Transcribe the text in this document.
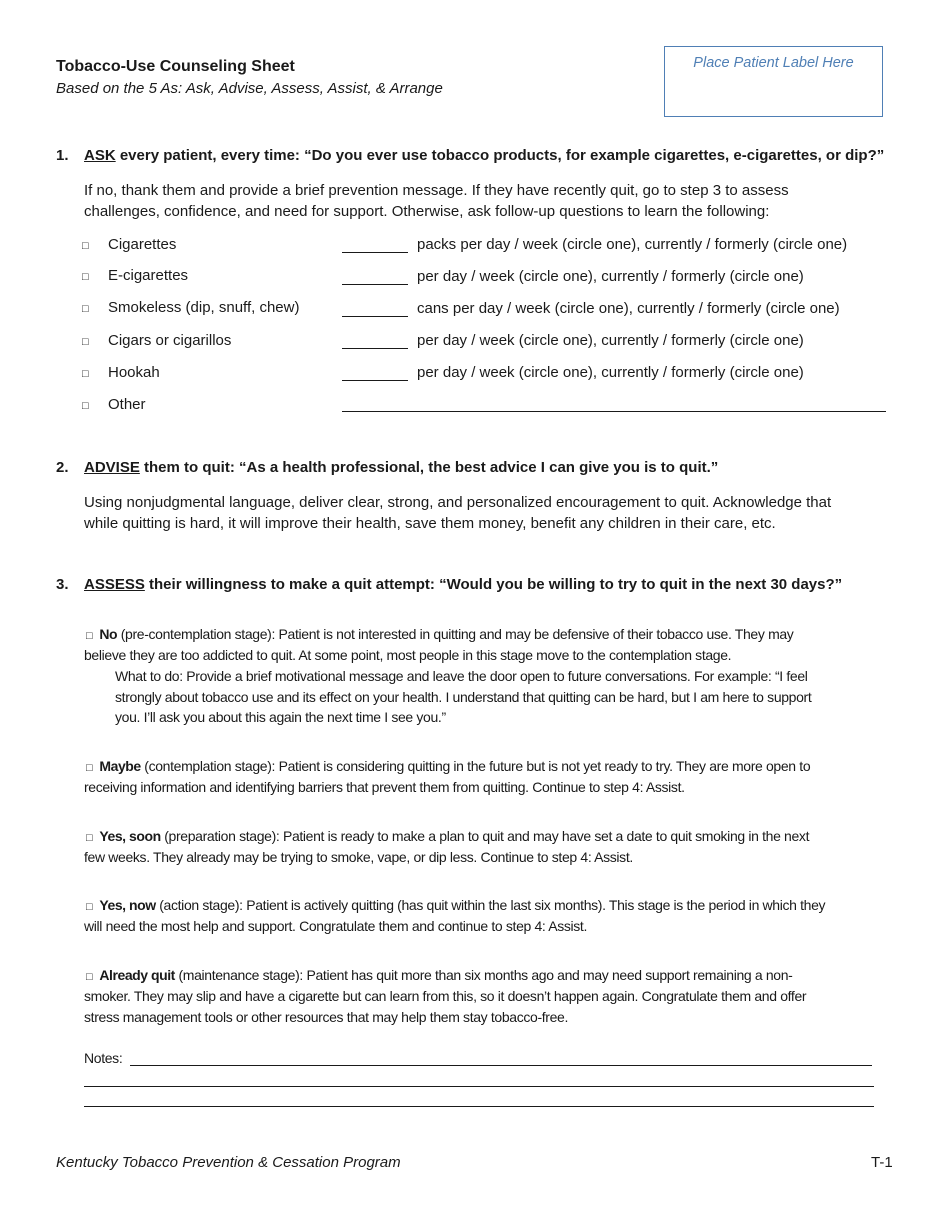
Tobacco-Use Counseling Sheet
Based on the 5 As: Ask, Advise, Assess, Assist, & Arrange
Place Patient Label Here
1. ASK every patient, every time: “Do you ever use tobacco products, for example cigarettes, e-cigarettes, or dip?”
If no, thank them and provide a brief prevention message. If they have recently quit, go to step 3 to assess
challenges, confidence, and need for support. Otherwise, ask follow-up questions to learn the following:
□ Cigarettes	packs per day / week (circle one), currently / formerly (circle one)
□ E-cigarettes	per day / week (circle one), currently / formerly (circle one)
□ Smokeless (dip, snuff, chew)	cans per day / week (circle one), currently / formerly (circle one)
□ Cigars or cigarillos	per day / week (circle one), currently / formerly (circle one)
□ Hookah	per day / week (circle one), currently / formerly (circle one)
□ Other
2. ADVISE them to quit: “As a health professional, the best advice I can give you is to quit.”
Using nonjudgmental language, deliver clear, strong, and personalized encouragement to quit. Acknowledge that
while quitting is hard, it will improve their health, save them money, benefit any children in their care, etc.
3. ASSESS their willingness to make a quit attempt: “Would you be willing to try to quit in the next 30 days?”
□ No (pre-contemplation stage): Patient is not interested in quitting and may be defensive of their tobacco use. They may
believe they are too addicted to quit. At some point, most people in this stage move to the contemplation stage.
What to do: Provide a brief motivational message and leave the door open to future conversations. For example: “I feel
strongly about tobacco use and its effect on your health. I understand that quitting can be hard, but I am here to support
you. I’ll ask you about this again the next time I see you.”
□ Maybe (contemplation stage): Patient is considering quitting in the future but is not yet ready to try. They are more open to
receiving information and identifying barriers that prevent them from quitting. Continue to step 4: Assist.
□ Yes, soon (preparation stage): Patient is ready to make a plan to quit and may have set a date to quit smoking in the next
few weeks. They already may be trying to smoke, vape, or dip less. Continue to step 4: Assist.
□ Yes, now (action stage): Patient is actively quitting (has quit within the last six months). This stage is the period in which they
will need the most help and support. Congratulate them and continue to step 4: Assist.
□ Already quit (maintenance stage): Patient has quit more than six months ago and may need support remaining a non-
smoker. They may slip and have a cigarette but can learn from this, so it doesn’t happen again. Congratulate them and offer
stress management tools or other resources that may help them stay tobacco-free.
Notes:
Kentucky Tobacco Prevention & Cessation Program	T-1
